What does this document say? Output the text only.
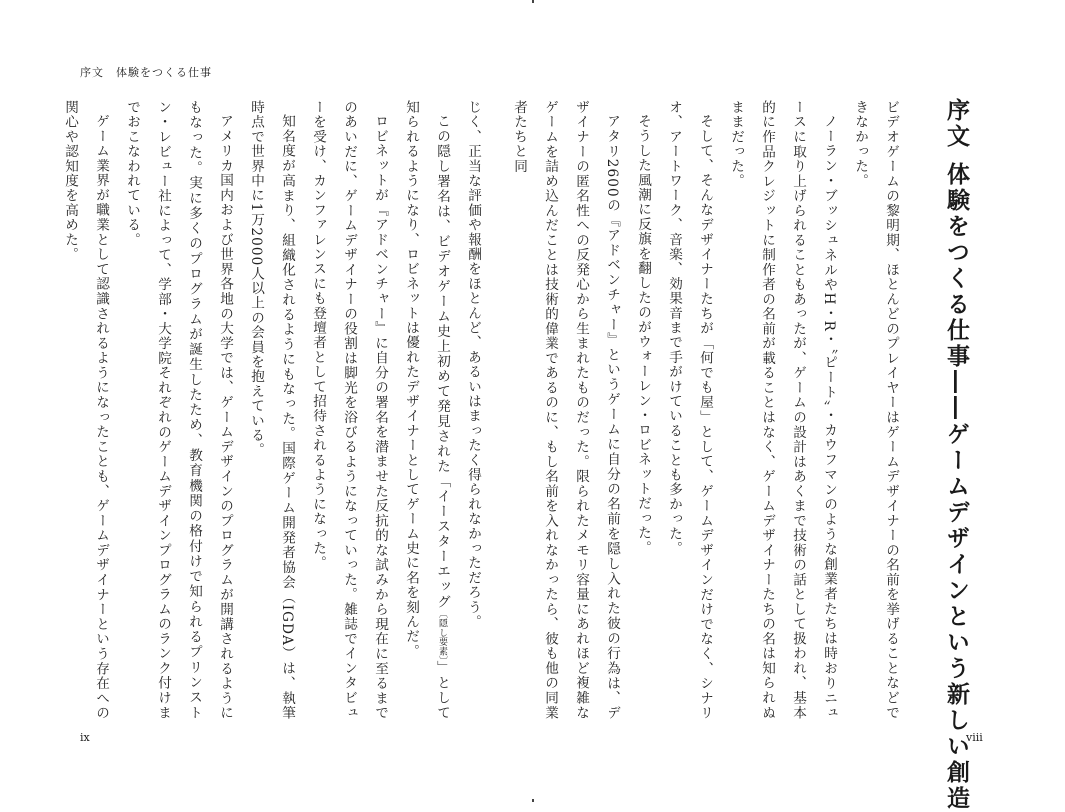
序文　体験をつくる仕事
序文体験をつくる仕事――ゲームデザインという新しい創造

ビデオゲームの黎明期、ほとんどのプレイヤーはゲームデザイナーの名前を挙げることなどできなかった。

ノーラン・ブッシュネルやH・R・〝ピート〟・カウフマンのような創業者たちは時おりニュースに取り上げられることもあったが、ゲームの設計はあくまで技術の話として扱われ、基本的に作品クレジットに制作者の名前が載ることはなく、ゲームデザイナーたちの名は知られぬままだった。

そして、そんなデザイナーたちが「何でも屋」として、ゲームデザインだけでなく、シナリオ、アートワーク、音楽、効果音まで手がけていることも多かった。

そうした風潮に反旗を翻したのがウォーレン・ロビネットだった。

アタリ2600の『アドベンチャー』というゲームに自分の名前を隠し入れた彼の行為は、デザイナーの匿名性への反発心から生まれたものだった。限られたメモリ容量にあれほど複雑なゲームを詰め込んだことは技術的偉業であるのに、もし名前を入れなかったら、彼も他の同業者たちと同

じく、正当な評価や報酬をほとんど、あるいはまったく得られなかっただろう。

この隠し署名は、ビデオゲーム史上初めて発見された「イースターエッグ〔隠し要素〕」として知られるようになり、ロビネットは優れたデザイナーとしてゲーム史に名を刻んだ。

ロビネットが『アドベンチャー』に自分の署名を潜ませた反抗的な試みから現在に至るまでのあいだに、ゲームデザイナーの役割は脚光を浴びるようになっていった。雑誌でインタビューを受け、カンファレンスにも登壇者として招待されるようになった。

知名度が高まり、組織化されるようにもなった。国際ゲーム開発者協会（IGDA）は、執筆時点で世界中に1万2000人以上の会員を抱えている。

アメリカ国内および世界各地の大学では、ゲームデザインのプログラムが開講されるようにもなった。実に多くのプログラムが誕生したため、教育機関の格付けで知られるプリンストン・レビュー社によって、学部・大学院それぞれのゲームデザインプログラムのランク付けまでおこなわれている。

ゲーム業界が職業として認識されるようになったことも、ゲームデザイナーという存在への関心や認知度を高めた。

ix	viii
